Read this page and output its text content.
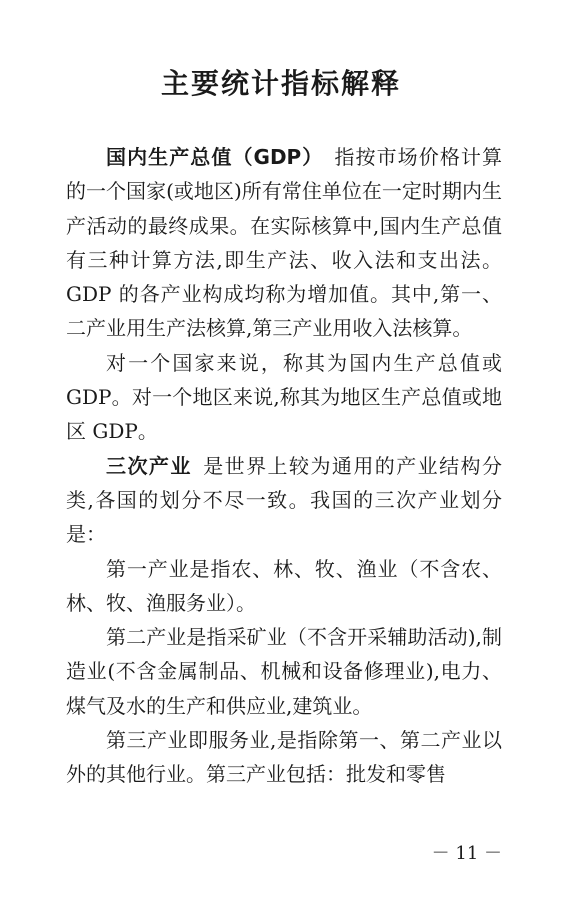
主要统计指标解释

国内生产总值（GDP）  指按市场价格计算的一个国家(或地区)所有常住单位在一定时期内生产活动的最终成果。在实际核算中,国内生产总值有三种计算方法,即生产法、收入法和支出法。GDP 的各产业构成均称为增加值。其中,第一、二产业用生产法核算,第三产业用收入法核算。

对一个国家来说，称其为国内生产总值或GDP。对一个地区来说,称其为地区生产总值或地区 GDP。

三次产业  是世界上较为通用的产业结构分类,各国的划分不尽一致。我国的三次产业划分是：

第一产业是指农、林、牧、渔业（不含农、林、牧、渔服务业）。

第二产业是指采矿业（不含开采辅助活动),制造业(不含金属制品、机械和设备修理业),电力、煤气及水的生产和供应业,建筑业。

第三产业即服务业,是指除第一、第二产业以外的其他行业。第三产业包括：批发和零售

－ 11 －
